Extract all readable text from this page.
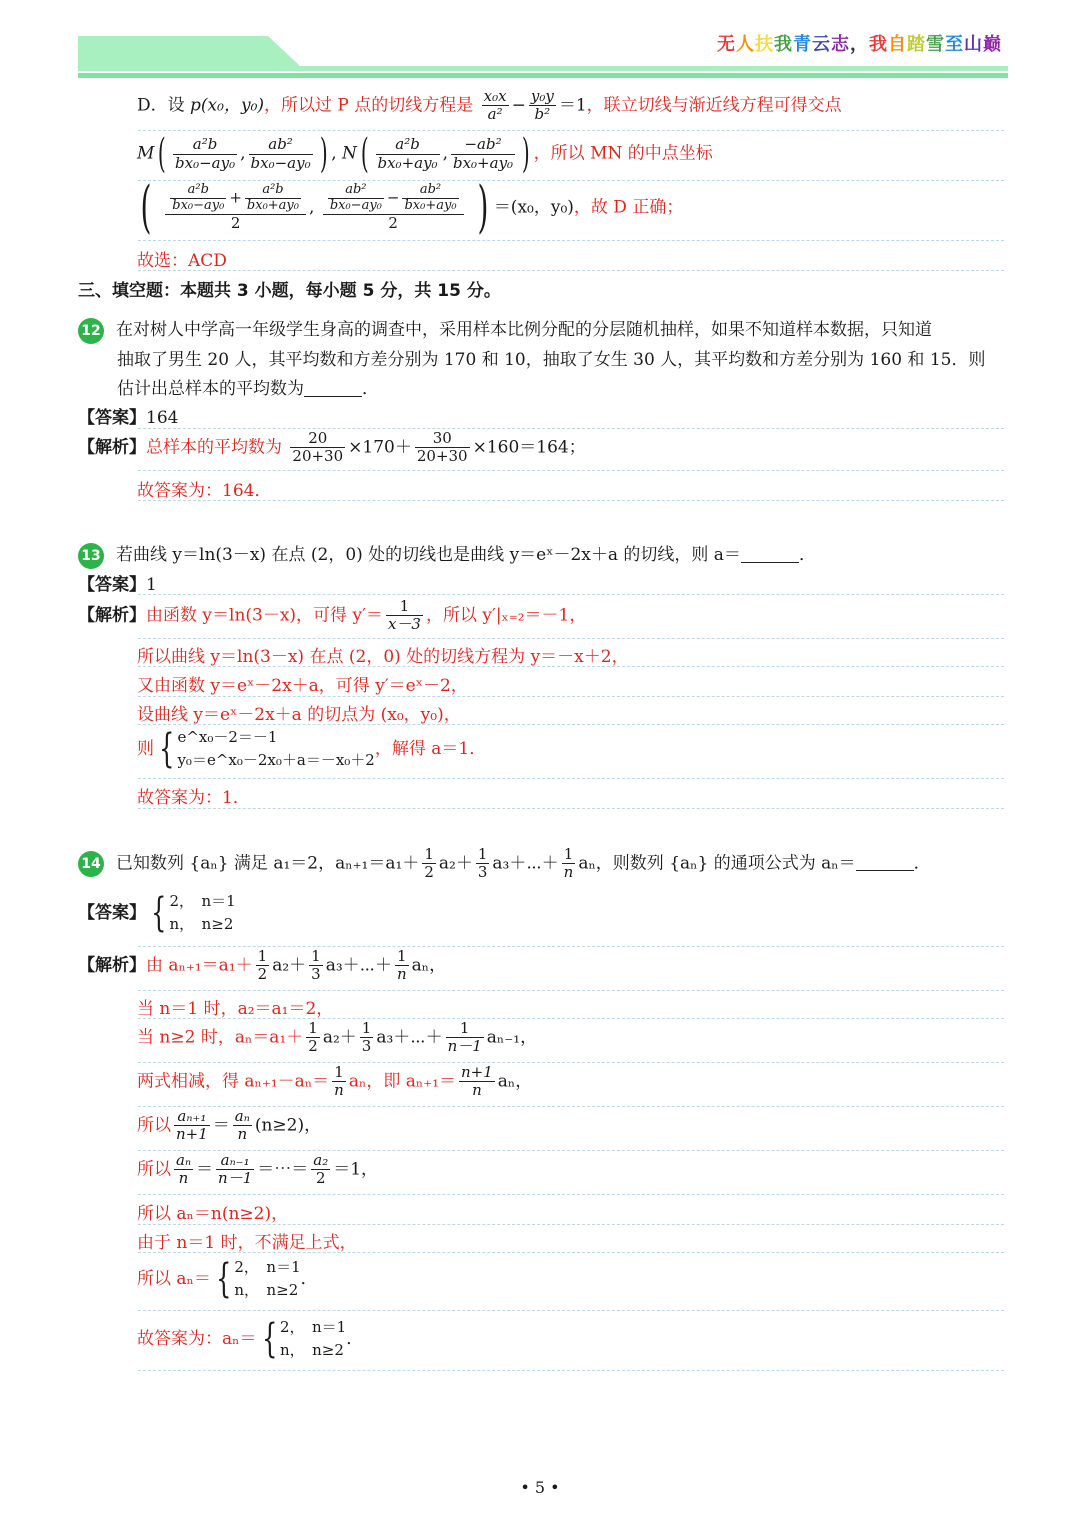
无人扶我青云志，我自踏雪至山巅
D．设 p(x₀，y₀)，所以过 P 点的切线方程是 $\frac{\text{x₀x}}{\text{a²}} - \frac{\text{y₀y}}{\text{b²}} =1$，联立切线与渐近线方程可得交点
$M( \frac{\text{a²b}}{\text{bx₀−ay₀}}$ , $\frac{\text{ab²}}{\text{bx₀−ay₀}}$ ) , $N( \frac{\text{a²b}}{\text{bx₀+ay₀}}$ , $\frac{\text{−ab²}}{\text{bx₀+ay₀}}$ ) ，所以 MN 的中点坐标
( $\frac{\frac{\text{a²b}}{\text{bx₀−ay₀}} + \frac{\text{a²b}}{\text{bx₀+ay₀}}}{2}$ , $\frac{\frac{\text{ab²}}{\text{bx₀−ay₀}} - \frac{\text{ab²}}{\text{bx₀+ay₀}}}{2}$ ) ＝(x₀，y₀)，故 D 正确；
故选：ACD
三、填空题：本题共 3 小题，每小题 5 分，共 15 分。
12 在对树人中学高一年级学生身高的调查中，采用样本比例分配的分层随机抽样，如果不知道样本数据，只知道
抽取了男生 20 人，其平均数和方差分别为 170 和 10，抽取了女生 30 人，其平均数和方差分别为 160 和 15．则
估计出总样本的平均数为	．
【答案】164
【解析】总样本的平均数为 $\frac{20}{20+30} \times 170+ \frac{30}{20+30} \times 160=164$；
故答案为：164．
13 若曲线 y＝ln(3－x) 在点 (2，0) 处的切线也是曲线 y＝eˣ－2x＋a 的切线，则 a＝	．
【答案】1
【解析】由函数 y＝ln(3－x)，可得 $y'= \frac{1}{x-3}$ ，所以 y′|ₓ₌₂＝－1，
所以曲线 y＝ln(3－x) 在点 (2，0) 处的切线方程为 y＝－x＋2，
又由函数 y＝eˣ－2x＋a，可得 y′＝eˣ－2，
设曲线 y＝eˣ－2x＋a 的切点为 (x₀，y₀)，
则 { e^x₀－2＝－1
y₀＝e^x₀－2x₀＋a＝－x₀＋2，解得 a＝1．
故答案为：1．
14 已知数列 {aₙ} 满足 a₁＝2，$a_{n+1}=a_1+ \frac{1}{2} a_2+ \frac{1}{3}$ a₃＋⋯＋ $\frac{1}{n}$ aₙ，则数列 {aₙ} 的通项公式为 aₙ＝	．
【答案】 { 2，　n＝1
n，　n≥2
【解析】由 $a_{n+1}=a_1+ \frac{1}{2} a_2+ \frac{1}{3}$ a₃＋⋯＋ $\frac{1}{n}$ aₙ，
当 n＝1 时，a₂＝a₁＝2，
当 n≥2 时，$a_n=a_1+ \frac{1}{2} a_2+ \frac{1}{3}$ a₃＋⋯＋ $\frac{1}{n-1} a_{n-1}$，
两式相减，得 $a_{n+1}-a_n= \frac{1}{n}$ aₙ，即 $a_{n+1}= \frac{n+1}{n}$ aₙ，
所以 $\frac{\text{aₙ₊₁}}{n+1} = \frac{\text{aₙ}}{n} (n\ge 2)$，
所以 $\frac{\text{aₙ}}{n} = \frac{\text{aₙ₋₁}}{n-1}$ ＝⋯＝ $\frac{\text{a₂}}{2} =1$，
所以 aₙ＝n(n≥2)，
由于 n＝1 时，不满足上式，
所以 aₙ＝ { 2，　n＝1
n，　n≥2．
故答案为：aₙ＝ { 2，　n＝1
n，　n≥2．
• 5 •
